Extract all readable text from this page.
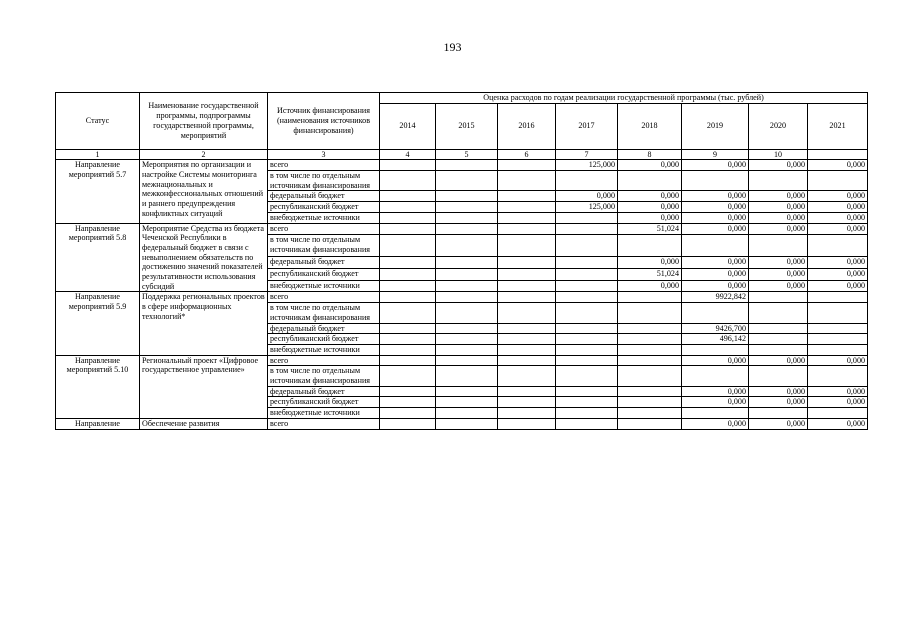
193
Статус	Наименование государственной программы, подпрограммы государственной программы, мероприятий	Источник финансирования (наименования источников финансирования)	Оценка расходов по годам реализации государственной программы (тыс. рублей)							
			2014	2015	2016	2017	2018	2019	2020	2021
1	2	3	4	5	6	7	8	9	10	
Направление мероприятий 5.7	Мероприятия по организации и настройке Системы мониторинга межнациональных и межконфессиональных отношений и раннего предупреждения конфликтных ситуаций	всего				125,000	0,000	0,000	0,000	0,000
		в том числе по отдельным источникам финансирования								
		федеральный бюджет				0,000	0,000	0,000	0,000	0,000
		республиканский бюджет				125,000	0,000	0,000	0,000	0,000
		внебюджетные источники					0,000	0,000	0,000	0,000
Направление мероприятий 5.8	Мероприятие Средства из бюджета Чеченской Республики в федеральный бюджет в связи с невыполнением обязательств по достижению значений показателей результативности использования субсидий	всего					51,024	0,000	0,000	0,000
		в том числе по отдельным источникам финансирования								
		федеральный бюджет					0,000	0,000	0,000	0,000
		республиканский бюджет					51,024	0,000	0,000	0,000
		внебюджетные источники					0,000	0,000	0,000	0,000
Направление мероприятий 5.9	Поддержка региональных проектов в сфере информационных технологий*	всего						9922,842		
		в том числе по отдельным источникам финансирования								
		федеральный бюджет						9426,700		
		республиканский бюджет						496,142		
		внебюджетные источники								
Направление мероприятий 5.10	Региональный проект «Цифровое государственное управление»	всего						0,000	0,000	0,000
		в том числе по отдельным источникам финансирования								
		федеральный бюджет						0,000	0,000	0,000
		республиканский бюджет						0,000	0,000	0,000
		внебюджетные источники								
Направление	Обеспечение развития	всего						0,000	0,000	0,000
